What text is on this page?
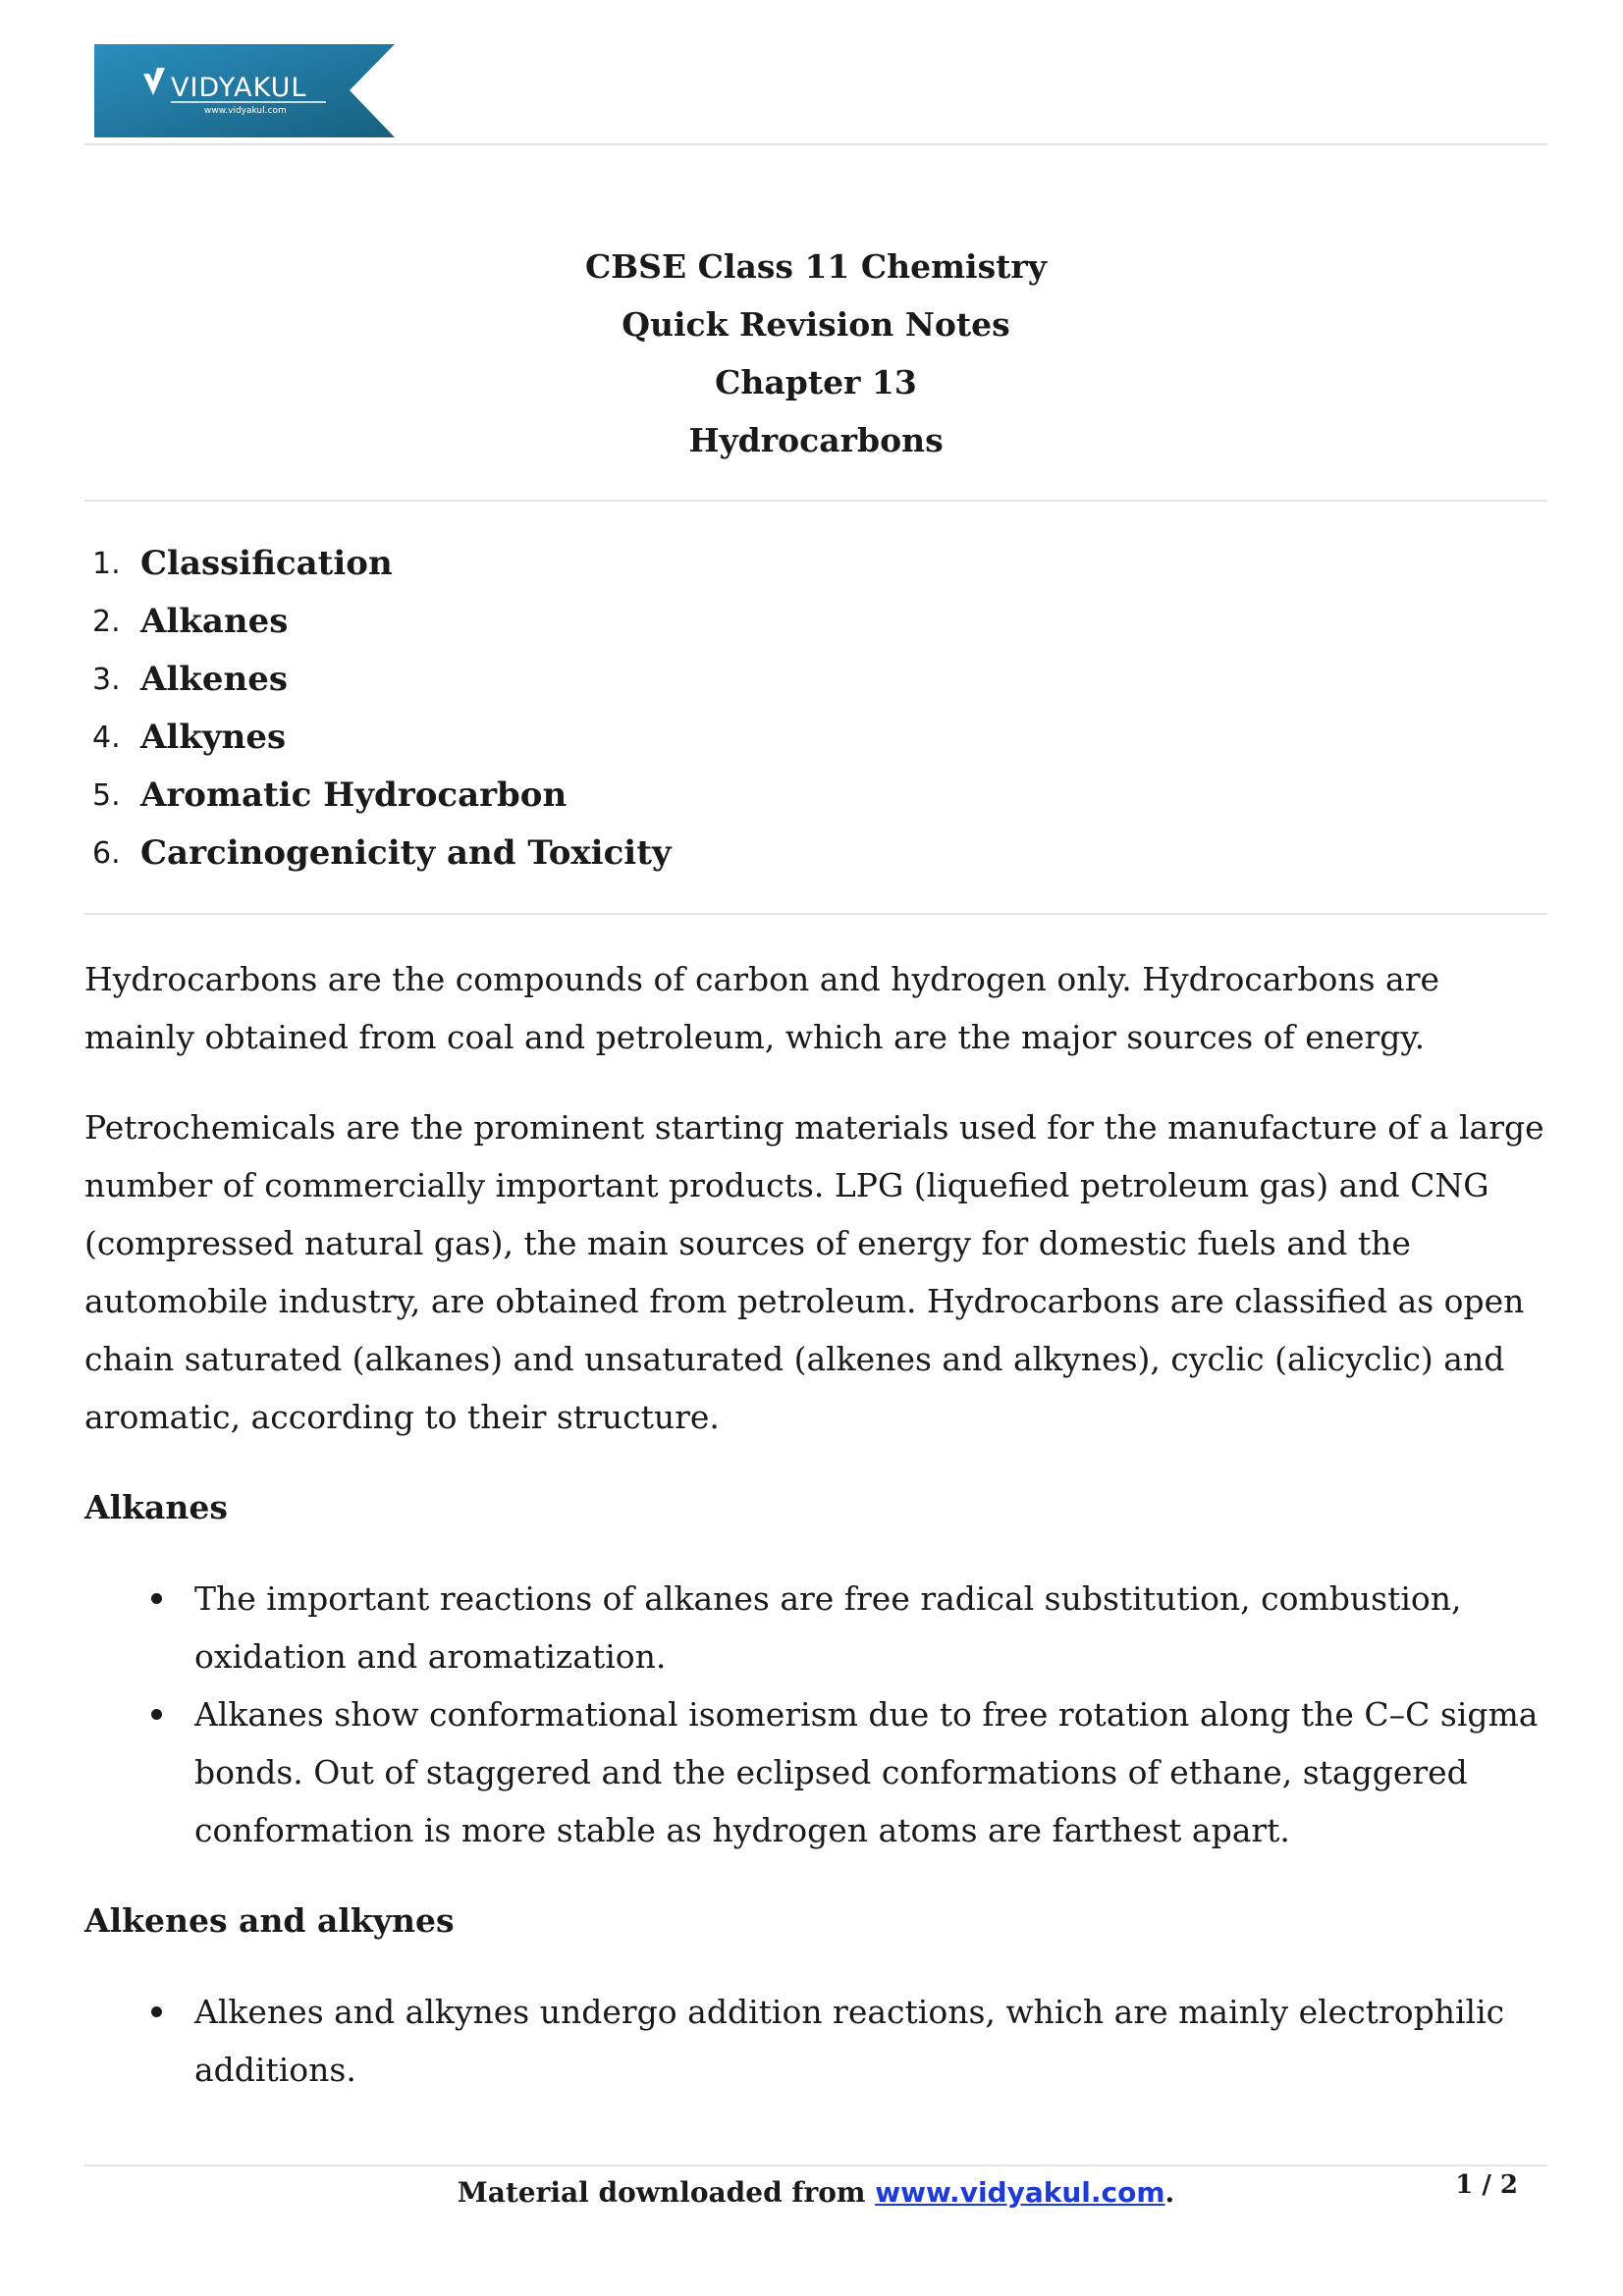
VIDYAKUL
www.vidyakul.com
CBSE Class 11 Chemistry
Quick Revision Notes
Chapter 13
Hydrocarbons
1. Classification
2. Alkanes
3. Alkenes
4. Alkynes
5. Aromatic Hydrocarbon
6. Carcinogenicity and Toxicity

Hydrocarbons are the compounds of carbon and hydrogen only. Hydrocarbons are mainly obtained from coal and petroleum, which are the major sources of energy.

Petrochemicals are the prominent starting materials used for the manufacture of a large number of commercially important products. LPG (liquefied petroleum gas) and CNG (compressed natural gas), the main sources of energy for domestic fuels and the automobile industry, are obtained from petroleum. Hydrocarbons are classified as open chain saturated (alkanes) and unsaturated (alkenes and alkynes), cyclic (alicyclic) and aromatic, according to their structure.

Alkanes
The important reactions of alkanes are free radical substitution, combustion, oxidation and aromatization.
Alkanes show conformational isomerism due to free rotation along the C–C sigma bonds. Out of staggered and the eclipsed conformations of ethane, staggered conformation is more stable as hydrogen atoms are farthest apart.
Alkenes and alkynes
Alkenes and alkynes undergo addition reactions, which are mainly electrophilic additions.
Material downloaded from www.vidyakul.com.	1 / 2
